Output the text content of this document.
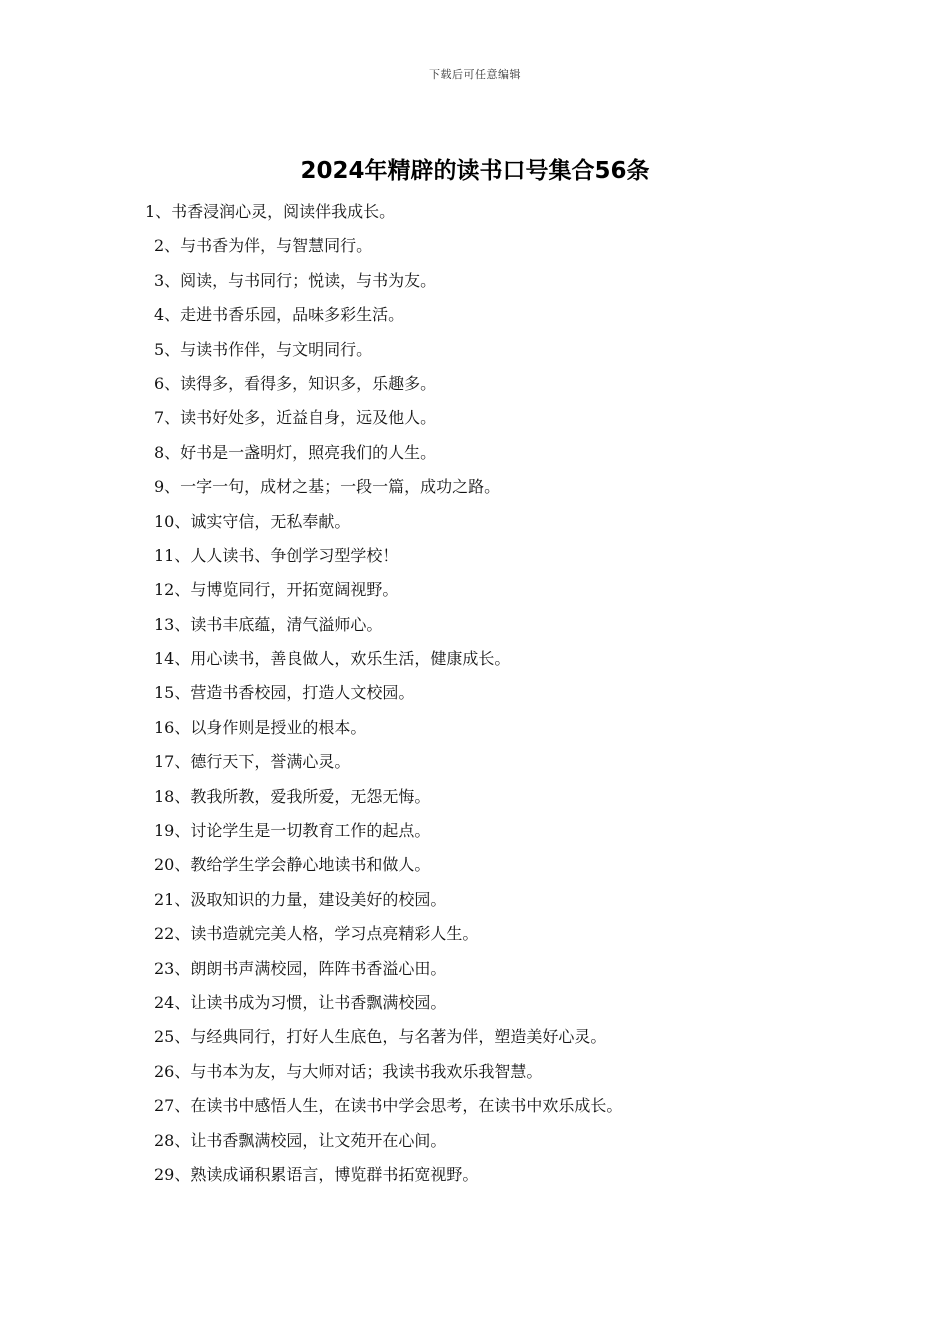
下载后可任意编辑
2024年精辟的读书口号集合56条
1、书香浸润心灵，阅读伴我成长。
2、与书香为伴，与智慧同行。
3、阅读，与书同行；悦读，与书为友。
4、走进书香乐园，品味多彩生活。
5、与读书作伴，与文明同行。
6、读得多，看得多，知识多，乐趣多。
7、读书好处多，近益自身，远及他人。
8、好书是一盏明灯，照亮我们的人生。
9、一字一句，成材之基；一段一篇，成功之路。
10、诚实守信，无私奉献。
11、人人读书、争创学习型学校！
12、与博览同行，开拓宽阔视野。
13、读书丰底蕴，清气溢师心。
14、用心读书，善良做人，欢乐生活，健康成长。
15、营造书香校园，打造人文校园。
16、以身作则是授业的根本。
17、德行天下，誉满心灵。
18、教我所教，爱我所爱，无怨无悔。
19、讨论学生是一切教育工作的起点。
20、教给学生学会静心地读书和做人。
21、汲取知识的力量，建设美好的校园。
22、读书造就完美人格，学习点亮精彩人生。
23、朗朗书声满校园，阵阵书香溢心田。
24、让读书成为习惯，让书香飘满校园。
25、与经典同行，打好人生底色，与名著为伴，塑造美好心灵。
26、与书本为友，与大师对话；我读书我欢乐我智慧。
27、在读书中感悟人生，在读书中学会思考，在读书中欢乐成长。
28、让书香飘满校园，让文苑开在心间。
29、熟读成诵积累语言，博览群书拓宽视野。
